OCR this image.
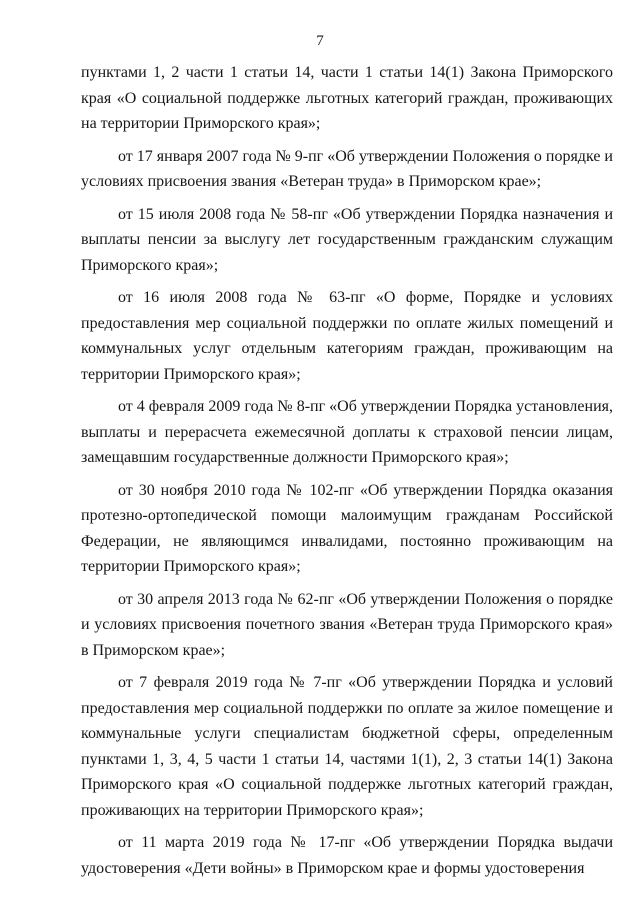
7

пунктами 1, 2 части 1 статьи 14, части 1 статьи 14(1) Закона Приморского края «О социальной поддержке льготных категорий граждан, проживающих на территории Приморского края»;

от 17 января 2007 года № 9-пг «Об утверждении Положения о порядке и условиях присвоения звания «Ветеран труда» в Приморском крае»;

от 15 июля 2008 года № 58-пг «Об утверждении Порядка назначения и выплаты пенсии за выслугу лет государственным гражданским служащим Приморского края»;

от 16 июля 2008 года № 63-пг «О форме, Порядке и условиях предоставления мер социальной поддержки по оплате жилых помещений и коммунальных услуг отдельным категориям граждан, проживающим на территории Приморского края»;

от 4 февраля 2009 года № 8-пг «Об утверждении Порядка установления, выплаты и перерасчета ежемесячной доплаты к страховой пенсии лицам, замещавшим государственные должности Приморского края»;

от 30 ноября 2010 года № 102-пг «Об утверждении Порядка оказания протезно-ортопедической помощи малоимущим гражданам Российской Федерации, не являющимся инвалидами, постоянно проживающим на территории Приморского края»;

от 30 апреля 2013 года № 62-пг «Об утверждении Положения о порядке и условиях присвоения почетного звания «Ветеран труда Приморского края» в Приморском крае»;

от 7 февраля 2019 года № 7-пг «Об утверждении Порядка и условий предоставления мер социальной поддержки по оплате за жилое помещение и коммунальные услуги специалистам бюджетной сферы, определенным пунктами 1, 3, 4, 5 части 1 статьи 14, частями 1(1), 2, 3 статьи 14(1) Закона Приморского края «О социальной поддержке льготных категорий граждан, проживающих на территории Приморского края»;

от 11 марта 2019 года № 17-пг «Об утверждении Порядка выдачи удостоверения «Дети войны» в Приморском крае и формы удостоверения
